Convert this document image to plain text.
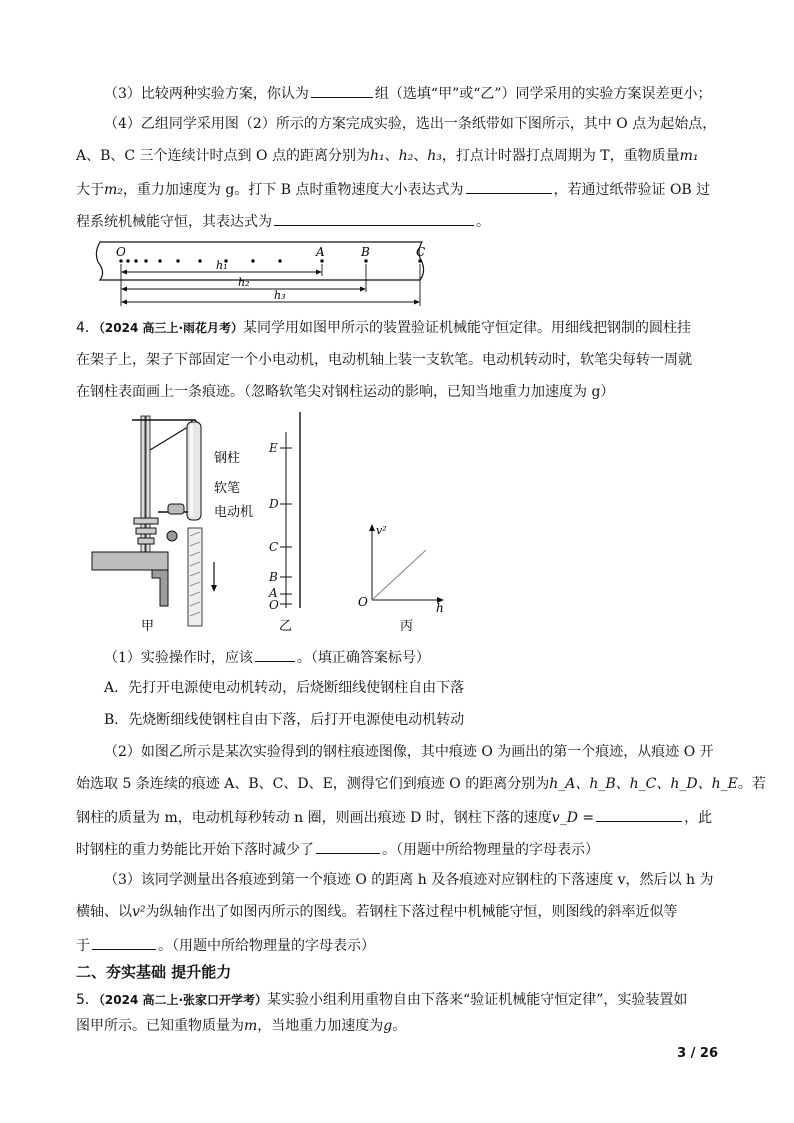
（3）比较两种实验方案，你认为	组（选填“甲”或“乙”）同学采用的实验方案误差更小；
（4）乙组同学采用图（2）所示的方案完成实验，选出一条纸带如下图所示，其中 O 点为起始点，
A、B、C 三个连续计时点到 O 点的距离分别为h₁、h₂、h₃，打点计时器打点周期为 T，重物质量m₁
大于m₂，重力加速度为 g。打下 B 点时重物速度大小表达式为	，若通过纸带验证 OB 过
程系统机械能守恒，其表达式为	。
O	A	B	C
h₁
h₂
h₃
4．（2024 高三上·雨花月考）某同学用如图甲所示的装置验证机械能守恒定律。用细线把钢制的圆柱挂
在架子上，架子下部固定一个小电动机，电动机轴上装一支软笔。电动机转动时，软笔尖每转一周就
在钢柱表面画上一条痕迹。（忽略软笔尖对钢柱运动的影响，已知当地重力加速度为 g）
钢柱
软笔
电动机
甲
E
D
C
B
A
O
乙
v²
h
O
丙
（1）实验操作时，应该	。（填正确答案标号）
A．先打开电源使电动机转动，后烧断细线使钢柱自由下落
B．先烧断细线使钢柱自由下落，后打开电源使电动机转动
（2）如图乙所示是某次实验得到的钢柱痕迹图像，其中痕迹 O 为画出的第一个痕迹，从痕迹 O 开
始选取 5 条连续的痕迹 A、B、C、D、E，测得它们到痕迹 O 的距离分别为h_A、h_B、h_C、h_D、h_E。若
钢柱的质量为 m，电动机每秒转动 n 圈，则画出痕迹 D 时，钢柱下落的速度v_D =	，此
时钢柱的重力势能比开始下落时减少了	。（用题中所给物理量的字母表示）
（3）该同学测量出各痕迹到第一个痕迹 O 的距离 h 及各痕迹对应钢柱的下落速度 v，然后以 h 为
横轴、以v²为纵轴作出了如图丙所示的图线。若钢柱下落过程中机械能守恒，则图线的斜率近似等
于	。（用题中所给物理量的字母表示）
二、夯实基础 提升能力
5．（2024 高二上·张家口开学考）某实验小组利用重物自由下落来“验证机械能守恒定律”，实验装置如
图甲所示。已知重物质量为m，当地重力加速度为g。
3 / 26
